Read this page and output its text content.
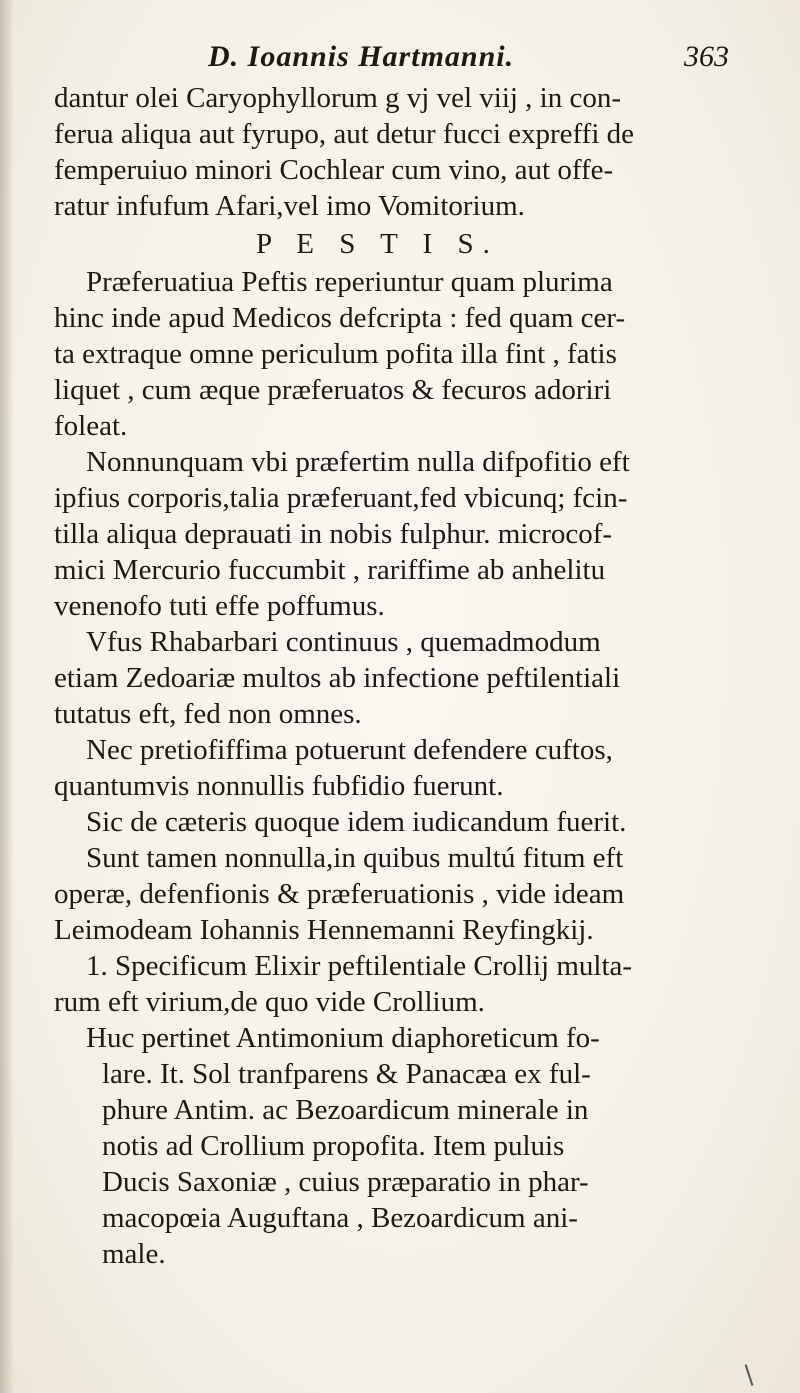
D. Ioannis Hartmanni.	363
dantur olei Caryophyllorum g vj vel viij , in con-
ferua aliqua aut fyrupo, aut detur fucci expreffi de
femperuiuo minori Cochlear cum vino, aut offe-
ratur infufum Afari,vel imo Vomitorium.
P E S T I S.
Præferuatiua Peftis reperiuntur quam plurima
hinc inde apud Medicos defcripta : fed quam cer-
ta extraque omne periculum pofita illa fint , fatis
liquet , cum æque præferuatos & fecuros adoriri
foleat.
Nonnunquam vbi præfertim nulla difpofitio eft
ipfius corporis,talia præferuant,fed vbicunq; fcin-
tilla aliqua deprauati in nobis fulphur. microcof-
mici Mercurio fuccumbit , rariffime ab anhelitu
venenofo tuti effe poffumus.
Vfus Rhabarbari continuus , quemadmodum
etiam Zedoariæ multos ab infectione peftilentiali
tutatus eft, fed non omnes.
Nec pretiofiffima potuerunt defendere cuftos,
quantumvis nonnullis fubfidio fuerunt.
Sic de cæteris quoque idem iudicandum fuerit.
Sunt tamen nonnulla,in quibus multú fitum eft
operæ, defenfionis & præferuationis , vide ideam
Leimodeam Iohannis Hennemanni Reyfingkij.
1. Specificum Elixir peftilentiale Crollij multa-
rum eft virium,de quo vide Crollium.
Huc pertinet Antimonium diaphoreticum fo-
lare. It. Sol tranfparens & Panacæa ex ful-
phure Antim. ac Bezoardicum minerale in
notis ad Crollium propofita. Item puluis
Ducis Saxoniæ , cuius præparatio in phar-
macopœia Auguftana , Bezoardicum ani-
male.
